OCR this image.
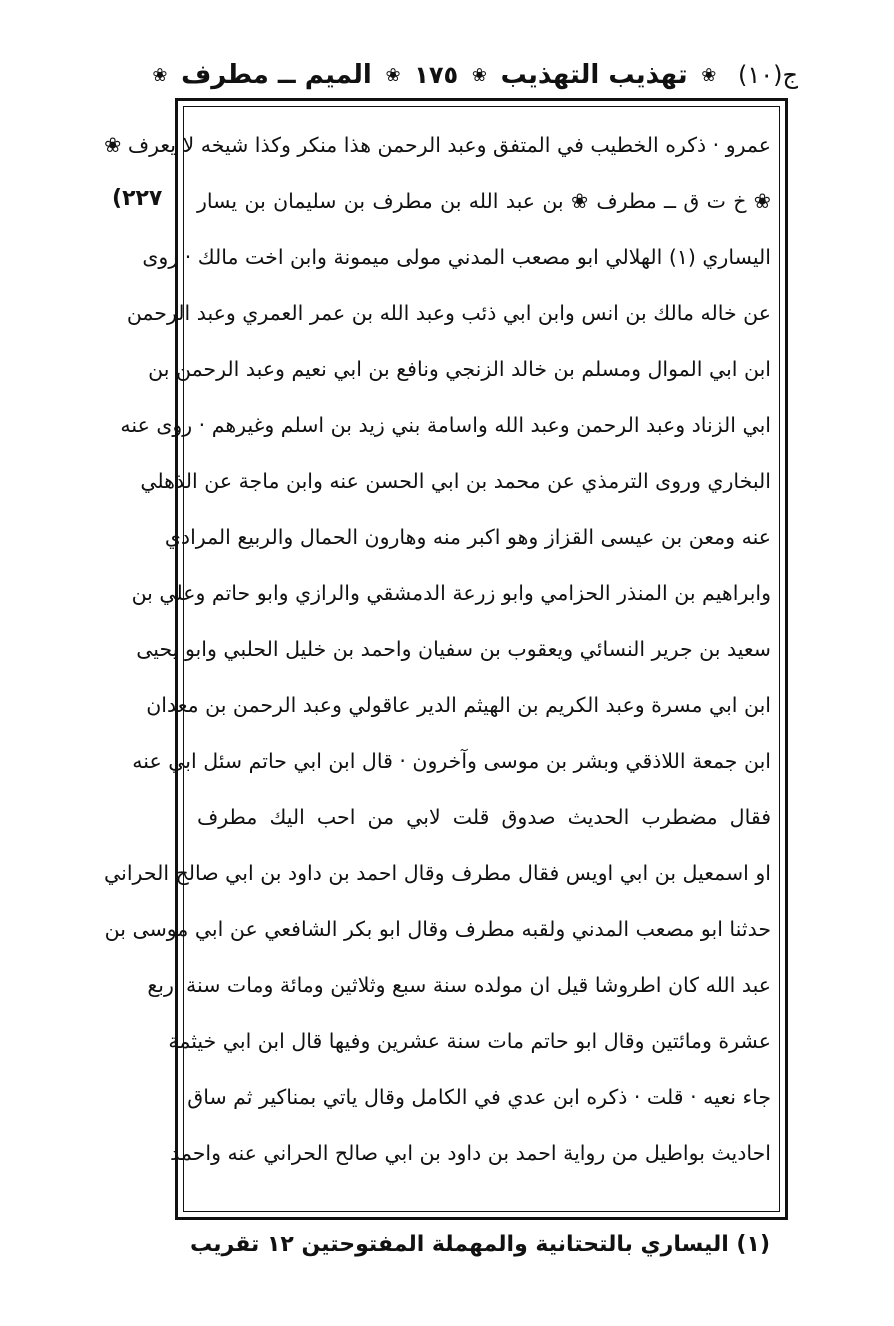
ج(١٠) ❀ تهذيب التهذيب ❀ ١٧٥ ❀ الميم ــ مطرف ❀
٢٢٧)
عمرو · ذكره الخطيب في المتفق وعبد الرحمن هذا منكر وكذا شيخه لا يعرف ❀
❀ خ ت ق ــ مطرف ❀ بن عبد الله بن مطرف بن سليمان بن يسار
اليساري (١) الهلالي ابو مصعب المدني مولى ميمونة وابن اخت مالك · روى
عن خاله مالك بن انس وابن ابي ذئب وعبد الله بن عمر العمري وعبد الرحمن
ابن ابي الموال ومسلم بن خالد الزنجي ونافع بن ابي نعيم وعبد الرحمن بن
ابي الزناد وعبد الرحمن وعبد الله واسامة بني زيد بن اسلم وغيرهم · روى عنه
البخاري وروى الترمذي عن محمد بن ابي الحسن عنه وابن ماجة عن الذهلي
عنه ومعن بن عيسى القزاز وهو اكبر منه وهارون الحمال والربيع المرادي
وابراهيم بن المنذر الحزامي وابو زرعة الدمشقي والرازي وابو حاتم وعلي بن
سعيد بن جرير النسائي ويعقوب بن سفيان واحمد بن خليل الحلبي وابو يحيى
ابن ابي مسرة وعبد الكريم بن الهيثم الدير عاقولي وعبد الرحمن بن معدان
ابن جمعة اللاذقي وبشر بن موسى وآخرون · قال ابن ابي حاتم سئل ابي عنه
فقال مضطرب الحديث صدوق قلت لابي من احب اليك مطرف
او اسمعيل بن ابي اويس فقال مطرف وقال احمد بن داود بن ابي صالح الحراني
حدثنا ابو مصعب المدني ولقبه مطرف وقال ابو بكر الشافعي عن ابي موسى بن
عبد الله كان اطروشا قيل ان مولده سنة سبع وثلاثين ومائة ومات سنة اربع
عشرة ومائتين وقال ابو حاتم مات سنة عشرين وفيها قال ابن ابي خيثمة
جاء نعيه · قلت · ذكره ابن عدي في الكامل وقال ياتي بمناكير ثم ساق
احاديث بواطيل من رواية احمد بن داود بن ابي صالح الحراني عنه واحمد
(١) اليساري بالتحتانية والمهملة المفتوحتين ١٢ تقريب
